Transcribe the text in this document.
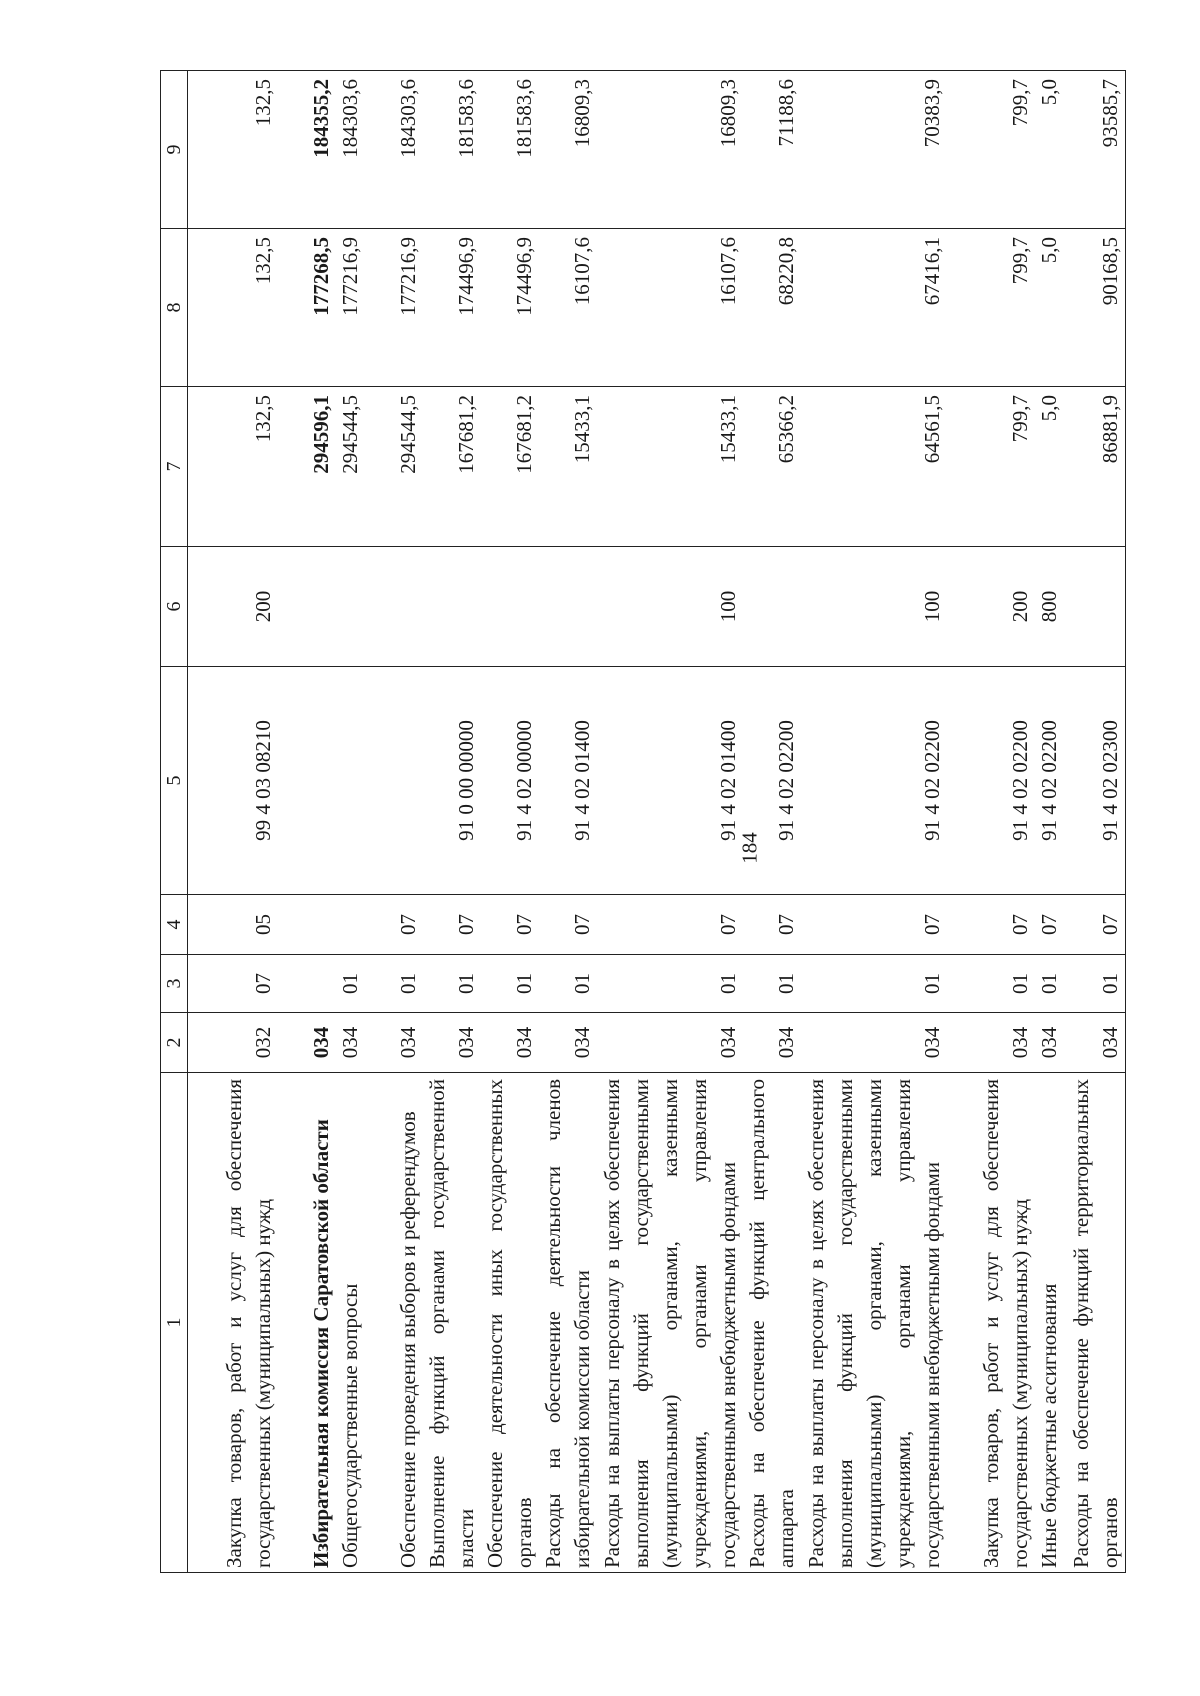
184
1	2	3	4	5	6	7	8	9
Закупка товаров, работ и услуг для обеспечения государственных (муниципальных) нужд	032	07	05	99 4 03 08210	200	132,5	132,5	132,5
Избирательная комиссия Саратовской области	034					294596,1	177268,5	184355,2
Общегосударственные вопросы	034	01				294544,5	177216,9	184303,6
Обеспечение проведения выборов и референдумов	034	01	07			294544,5	177216,9	184303,6
Выполнение функций органами государственной власти	034	01	07	91 0 00 00000		167681,2	174496,9	181583,6
Обеспечение деятельности иных государственных органов	034	01	07	91 4 02 00000		167681,2	174496,9	181583,6
Расходы на обеспечение деятельности членов избирательной комиссии области	034	01	07	91 4 02 01400		15433,1	16107,6	16809,3
Расходы на выплаты персоналу в целях обеспечения выполнения функций государственными (муниципальными) органами, казенными учреждениями, органами управления государственными внебюджетными фондами	034	01	07	91 4 02 01400	100	15433,1	16107,6	16809,3
Расходы на обеспечение функций центрального аппарата	034	01	07	91 4 02 02200		65366,2	68220,8	71188,6
Расходы на выплаты персоналу в целях обеспечения выполнения функций государственными (муниципальными) органами, казенными учреждениями, органами управления государственными внебюджетными фондами	034	01	07	91 4 02 02200	100	64561,5	67416,1	70383,9
Закупка товаров, работ и услуг для обеспечения государственных (муниципальных) нужд	034	01	07	91 4 02 02200	200	799,7	799,7	799,7
Иные бюджетные ассигнования	034	01	07	91 4 02 02200	800	5,0	5,0	5,0
Расходы на обеспечение функций территориальных органов	034	01	07	91 4 02 02300		86881,9	90168,5	93585,7
